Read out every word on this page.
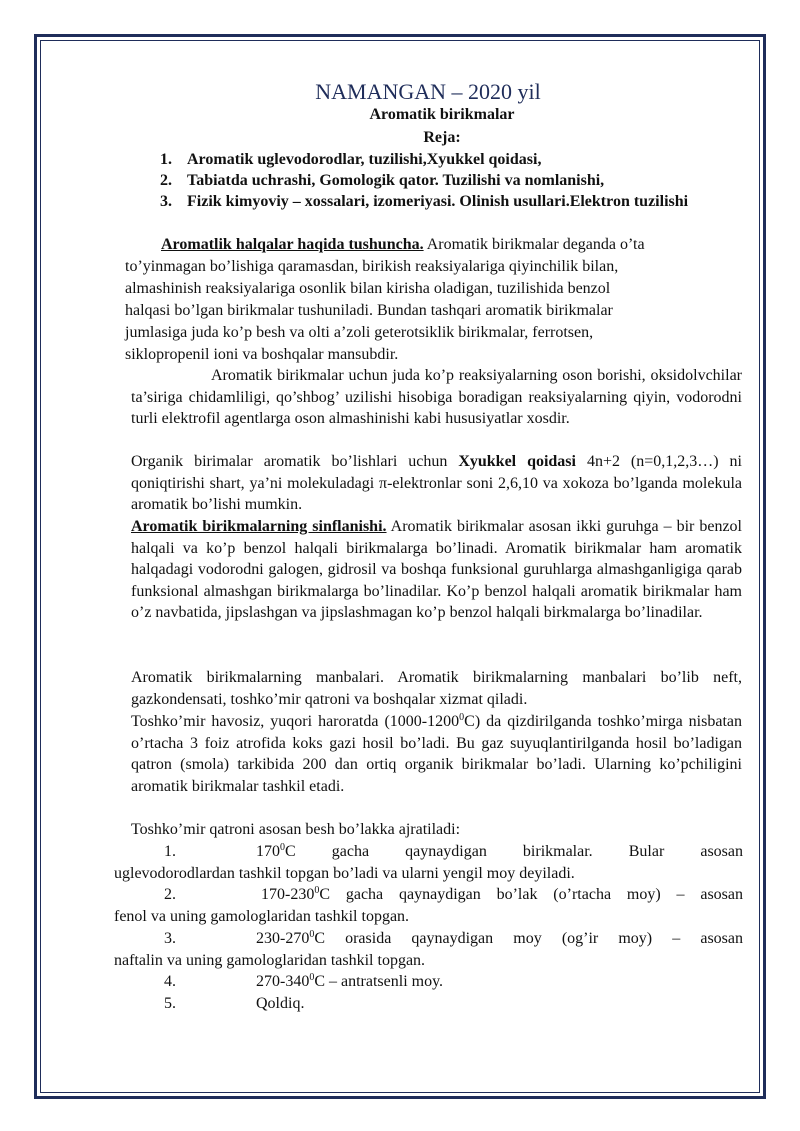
NAMANGAN – 2020 yil
Aromatik birikmalar
Reja:
1. Aromatik uglevodorodlar, tuzilishi,Xyukkel qoidasi,
2. Tabiatda uchrashi, Gomologik qator. Tuzilishi va nomlanishi,
3. Fizik kimyoviy – xossalari, izomeriyasi. Olinish usullari.Elektron tuzilishi
Aromatlik halqalar haqida tushuncha. Aromatik birikmalar deganda o’ta
to’yinmagan bo’lishiga qaramasdan, birikish reaksiyalariga qiyinchilik bilan,
almashinish reaksiyalariga osonlik bilan kirisha oladigan, tuzilishida benzol
halqasi bo’lgan birikmalar tushuniladi. Bundan tashqari aromatik birikmalar
jumlasiga juda ko’p besh va olti a’zoli geterotsiklik birikmalar, ferrotsen,
siklopropenil ioni va boshqalar mansubdir.
Aromatik birikmalar uchun juda ko’p reaksiyalarning oson borishi, oksidolvchilar ta’siriga chidamliligi, qo’shbog’ uzilishi hisobiga boradigan reaksiyalarning qiyin, vodorodni turli elektrofil agentlarga oson almashinishi kabi hususiyatlar xosdir.
Organik birimalar aromatik bo’lishlari uchun Xyukkel qoidasi 4n+2 (n=0,1,2,3…) ni qoniqtirishi shart, ya’ni molekuladagi π-elektronlar soni 2,6,10 va xokoza bo’lganda molekula aromatik bo’lishi mumkin.
Aromatik birikmalarning sinflanishi. Aromatik birikmalar asosan ikki guruhga – bir benzol halqali va ko’p benzol halqali birikmalarga bo’linadi. Aromatik birikmalar ham aromatik halqadagi vodorodni galogen, gidrosil va boshqa funksional guruhlarga almashganligiga qarab funksional almashgan birikmalarga bo’linadilar. Ko’p benzol halqali aromatik birikmalar ham o’z navbatida, jipslashgan va jipslashmagan ko’p benzol halqali birkmalarga bo’linadilar.
Aromatik birikmalarning manbalari. Aromatik birikmalarning manbalari bo’lib neft, gazkondensati, toshko’mir qatroni va boshqalar xizmat qiladi.
Toshko’mir havosiz, yuqori haroratda (1000-1200$^0$C) da qizdirilganda toshko’mirga nisbatan o’rtacha 3 foiz atrofida koks gazi hosil bo’ladi. Bu gaz suyuqlantirilganda hosil bo’ladigan qatron (smola) tarkibida 200 dan ortiq organik birikmalar bo’ladi. Ularning ko’pchiligini aromatik birikmalar tashkil etadi.
Toshko’mir qatroni asosan besh bo’lakka ajratiladi:
1.	$170^0C$ gacha qaynaydigan birikmalar. Bular asosan
uglevodorodlardan tashkil topgan bo’ladi va ularni yengil moy deyiladi.
2.	$170-230^0C$ gacha qaynaydigan bo’lak (o’rtacha moy) – asosan
fenol va uning gamologlaridan tashkil topgan.
3.	$230-270^0C$ orasida qaynaydigan moy (og’ir moy) – asosan
naftalin va uning gamologlaridan tashkil topgan.
4.	$270-340^0C$ – antratsenli moy.
5.	Qoldiq.
